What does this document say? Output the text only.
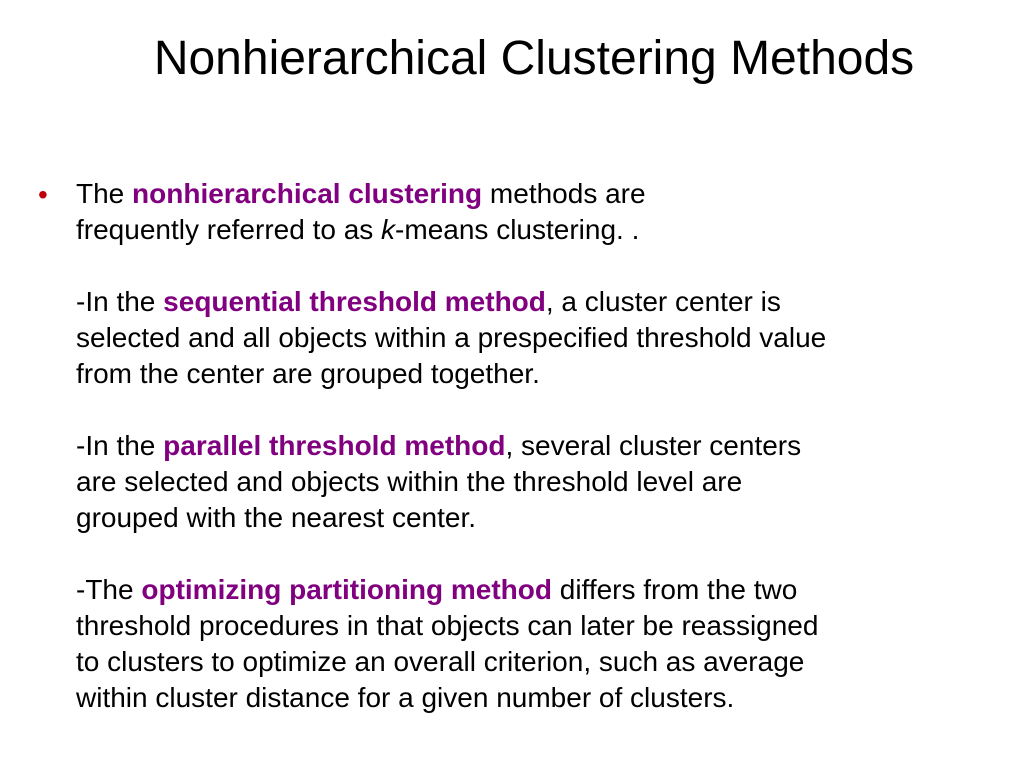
Nonhierarchical Clustering Methods
• The nonhierarchical clustering methods are
frequently referred to as k-means clustering. .
-In the sequential threshold method, a cluster center is
selected and all objects within a prespecified threshold value
from the center are grouped together.
-In the parallel threshold method, several cluster centers
are selected and objects within the threshold level are
grouped with the nearest center.
-The optimizing partitioning method differs from the two
threshold procedures in that objects can later be reassigned
to clusters to optimize an overall criterion, such as average
within cluster distance for a given number of clusters.
